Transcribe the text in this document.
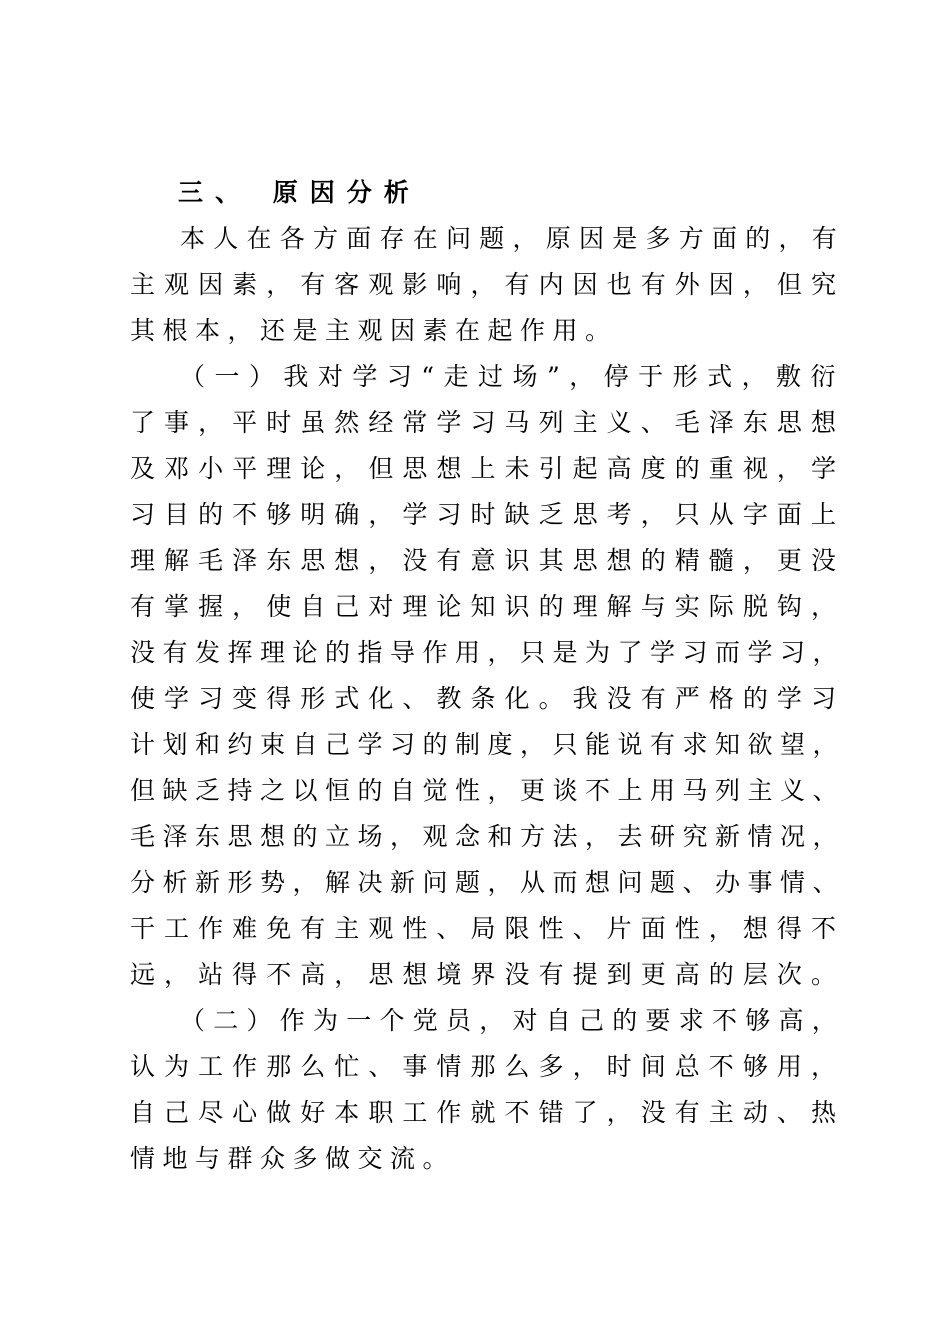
三、 原因分析
本人在各方面存在问题，原因是多方面的，有
主观因素，有客观影响，有内因也有外因，但究
其根本，还是主观因素在起作用。
（一）我对学习“走过场”，停于形式，敷衍
了事，平时虽然经常学习马列主义、毛泽东思想
及邓小平理论，但思想上未引起高度的重视，学
习目的不够明确，学习时缺乏思考，只从字面上
理解毛泽东思想，没有意识其思想的精髓，更没
有掌握，使自己对理论知识的理解与实际脱钩，
没有发挥理论的指导作用，只是为了学习而学习，
使学习变得形式化、教条化。我没有严格的学习
计划和约束自己学习的制度，只能说有求知欲望，
但缺乏持之以恒的自觉性，更谈不上用马列主义、
毛泽东思想的立场，观念和方法，去研究新情况，
分析新形势，解决新问题，从而想问题、办事情、
干工作难免有主观性、局限性、片面性，想得不
远，站得不高，思想境界没有提到更高的层次。
（二）作为一个党员，对自己的要求不够高，
认为工作那么忙、事情那么多，时间总不够用，
自己尽心做好本职工作就不错了，没有主动、热
情地与群众多做交流。
